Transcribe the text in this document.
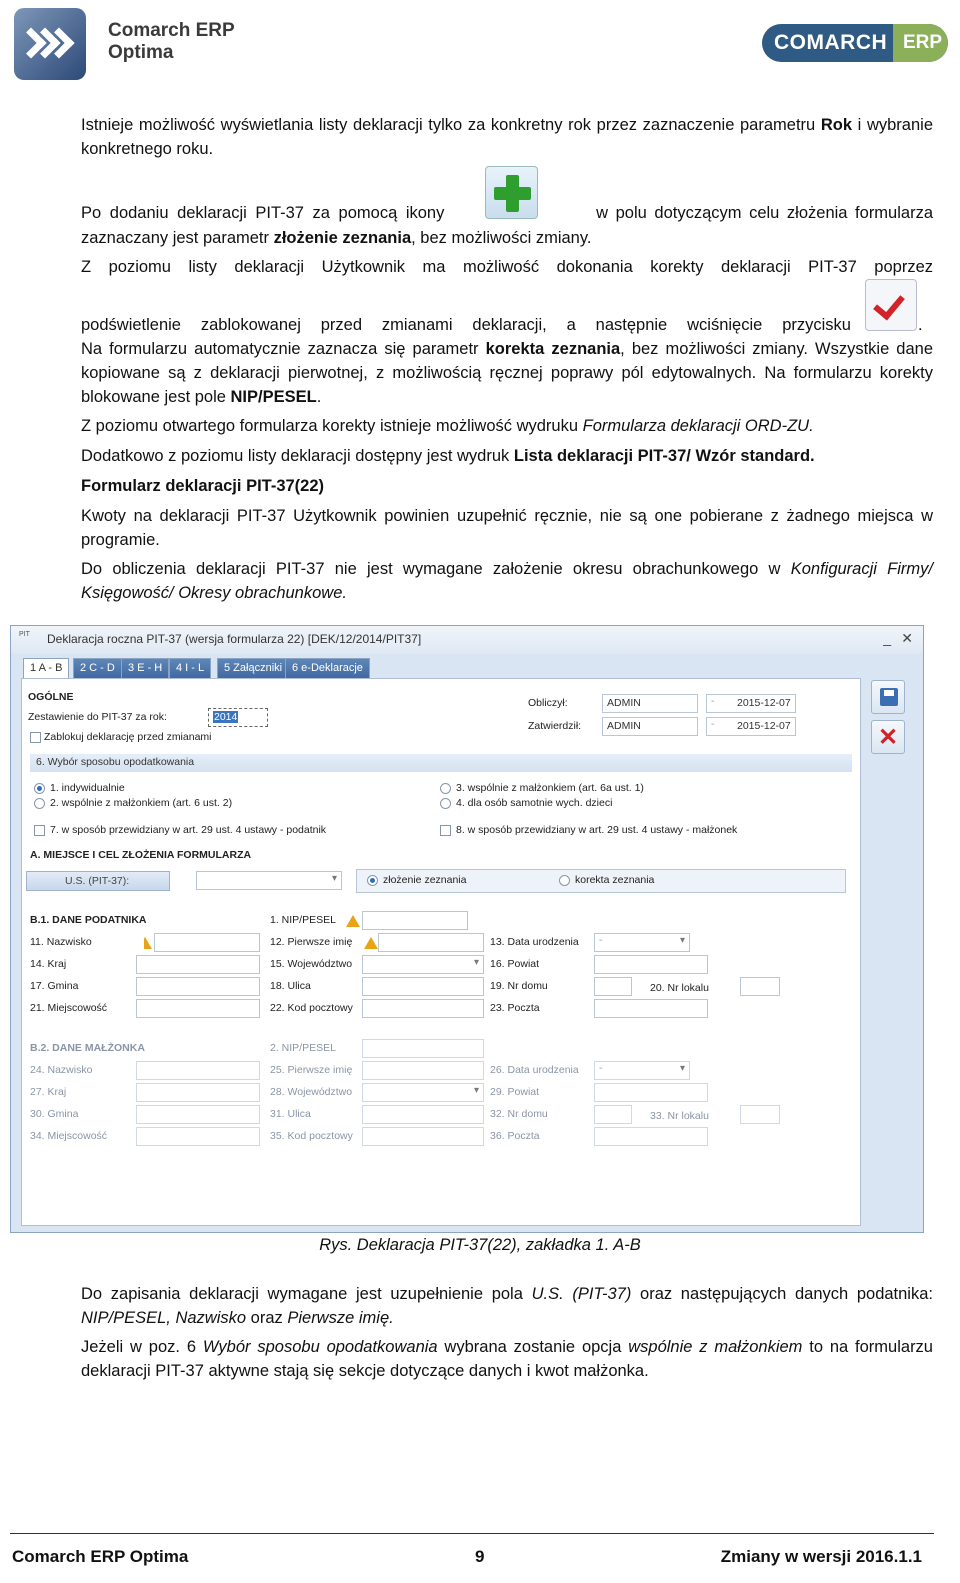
Comarch ERP
Optima	COMARCH ERP
Istnieje możliwość wyświetlania listy deklaracji tylko za konkretny rok przez zaznaczenie parametru Rok i wybranie konkretnego roku.
Po dodaniu deklaracji PIT-37 za pomocą ikony	w polu dotyczącym celu złożenia formularza
zaznaczany jest parametr złożenie zeznania, bez możliwości zmiany.
Z poziomu listy deklaracji Użytkownik ma możliwość dokonania korekty deklaracji PIT-37 poprzez
podświetlenie zablokowanej przed zmianami deklaracji, a następnie wciśnięcie przycisku	.
Na formularzu automatycznie zaznacza się parametr korekta zeznania, bez możliwości zmiany. Wszystkie dane kopiowane są z deklaracji pierwotnej, z możliwością ręcznej poprawy pól edytowalnych. Na formularzu korekty blokowane jest pole NIP/PESEL.
Z poziomu otwartego formularza korekty istnieje możliwość wydruku Formularza deklaracji ORD-ZU.
Dodatkowo z poziomu listy deklaracji dostępny jest wydruk Lista deklaracji PIT-37/ Wzór standard.
Formularz deklaracji PIT-37(22)
Kwoty na deklaracji PIT-37 Użytkownik powinien uzupełnić ręcznie, nie są one pobierane z żadnego miejsca w programie.
Do obliczenia deklaracji PIT-37 nie jest wymagane założenie okresu obrachunkowego w Konfiguracji Firmy/ Księgowość/ Okresy obrachunkowe.
PIT	Deklaracja roczna PIT-37 (wersja formularza 22) [DEK/12/2014/PIT37]	_ ✕
1 A - B	2 C - D	3 E - H	4 I - L	5 Załączniki 6 e-Deklaracje
OGÓLNE
Zestawienie do PIT-37 za rok:	2014
Zablokuj deklarację przed zmianami
Obliczył:	ADMIN	- 2015-12-07
Zatwierdził:	ADMIN	- 2015-12-07
6. Wybór sposobu opodatkowania
1. indywidualnie
2. wspólnie z małżonkiem (art. 6 ust. 2)
3. wspólnie z małżonkiem (art. 6a ust. 1)
4. dla osób samotnie wych. dzieci
7. w sposób przewidziany w art. 29 ust. 4 ustawy - podatnik	8. w sposób przewidziany w art. 29 ust. 4 ustawy - małżonek
A. MIEJSCE I CEL ZŁOŻENIA FORMULARZA
U.S. (PIT-37): ▾	złożenie zeznania	korekta zeznania
B.1. DANE PODATNIKA	1. NIP/PESEL
11. Nazwisko	12. Pierwsze imię	13. Data urodzenia
- ▾
14. Kraj	15. Województwo ▾	16. Powiat
17. Gmina	18. Ulica	19. Nr domu	20. Nr lokalu
21. Miejscowość	22. Kod pocztowy	23. Poczta
B.2. DANE MAŁŻONKA	2. NIP/PESEL
24. Nazwisko	25. Pierwsze imię	26. Data urodzenia
- ▾
27. Kraj	28. Województwo ▾	29. Powiat
30. Gmina	31. Ulica	32. Nr domu	33. Nr lokalu
34. Miejscowość	35. Kod pocztowy	36. Poczta
✕
Rys. Deklaracja PIT-37(22), zakładka 1. A-B
Do zapisania deklaracji wymagane jest uzupełnienie pola U.S. (PIT-37) oraz następujących danych podatnika: NIP/PESEL, Nazwisko oraz Pierwsze imię.
Jeżeli w poz. 6 Wybór sposobu opodatkowania wybrana zostanie opcja wspólnie z małżonkiem to na formularzu deklaracji PIT-37 aktywne stają się sekcje dotyczące danych i kwot małżonka.
Comarch ERP Optima	9	Zmiany w wersji 2016.1.1
